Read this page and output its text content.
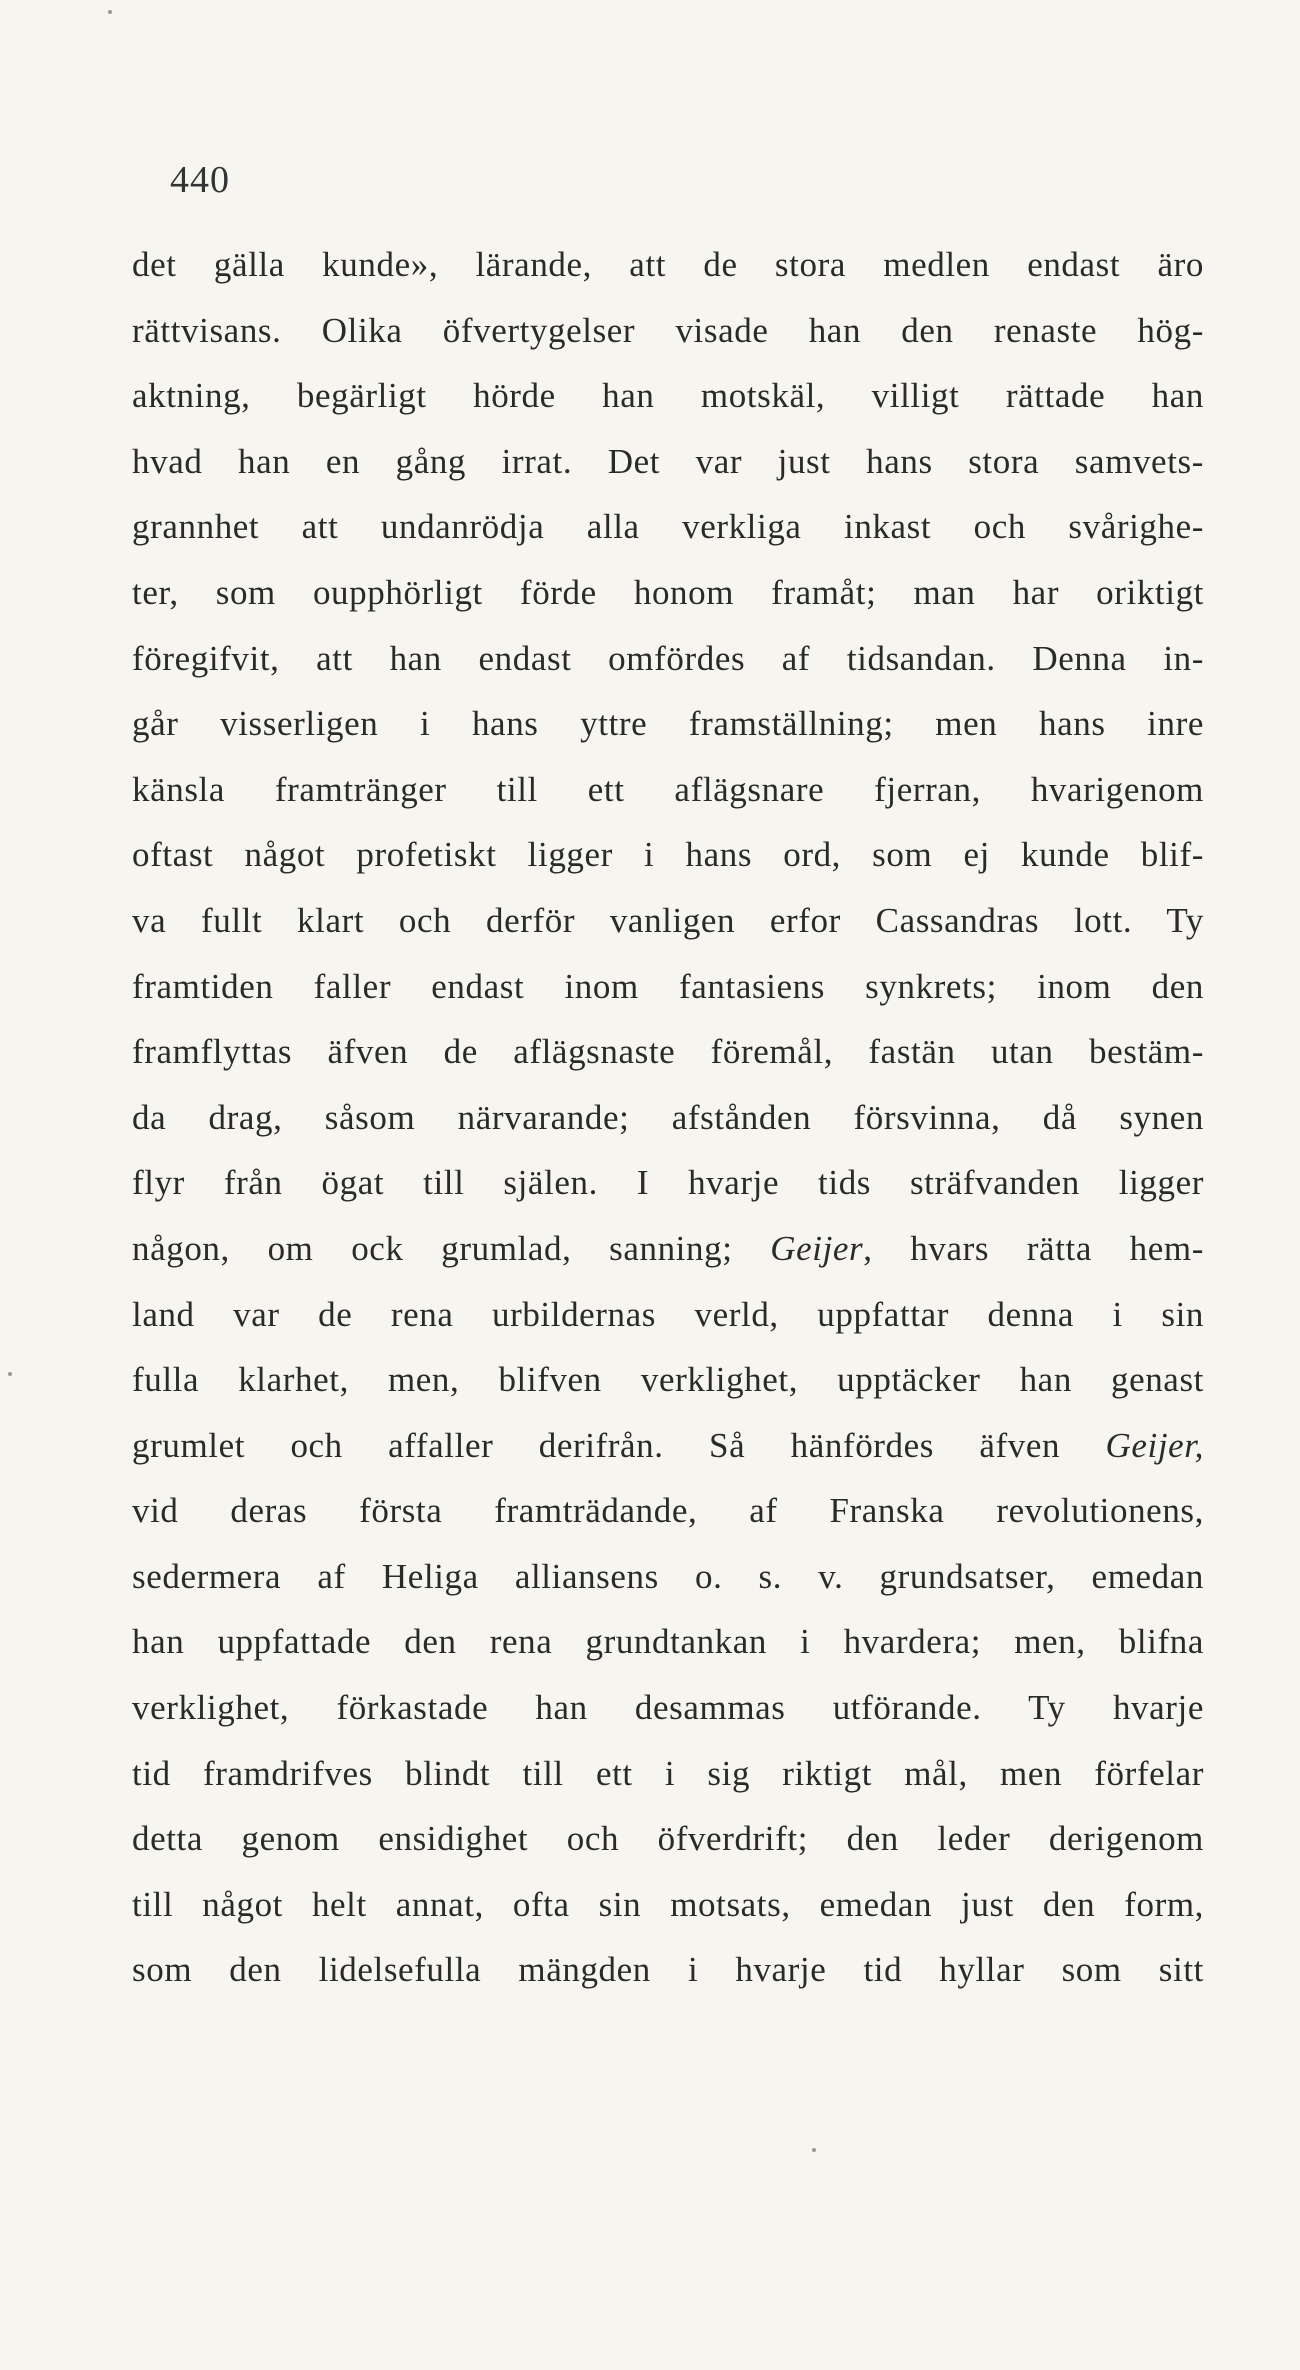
440
det gälla kunde», lärande, att de stora medlen endast äro
rättvisans. Olika öfvertygelser visade han den renaste hög-
aktning, begärligt hörde han motskäl, villigt rättade han
hvad han en gång irrat. Det var just hans stora samvets-
grannhet att undanrödja alla verkliga inkast och svårighe-
ter, som oupphörligt förde honom framåt; man har oriktigt
föregifvit, att han endast omfördes af tidsandan. Denna in-
går visserligen i hans yttre framställning; men hans inre
känsla framtränger till ett aflägsnare fjerran, hvarigenom
oftast något profetiskt ligger i hans ord, som ej kunde blif-
va fullt klart och derför vanligen erfor Cassandras lott. Ty
framtiden faller endast inom fantasiens synkrets; inom den
framflyttas äfven de aflägsnaste föremål, fastän utan bestäm-
da drag, såsom närvarande; afstånden försvinna, då synen
flyr från ögat till själen. I hvarje tids sträfvanden ligger
någon, om ock grumlad, sanning; Geijer, hvars rätta hem-
land var de rena urbildernas verld, uppfattar denna i sin
fulla klarhet, men, blifven verklighet, upptäcker han genast
grumlet och affaller derifrån. Så hänfördes äfven Geijer,
vid deras första framträdande, af Franska revolutionens,
sedermera af Heliga alliansens o. s. v. grundsatser, emedan
han uppfattade den rena grundtankan i hvardera; men, blifna
verklighet, förkastade han desammas utförande. Ty hvarje
tid framdrifves blindt till ett i sig riktigt mål, men förfelar
detta genom ensidighet och öfverdrift; den leder derigenom
till något helt annat, ofta sin motsats, emedan just den form,
som den lidelsefulla mängden i hvarje tid hyllar som sitt
